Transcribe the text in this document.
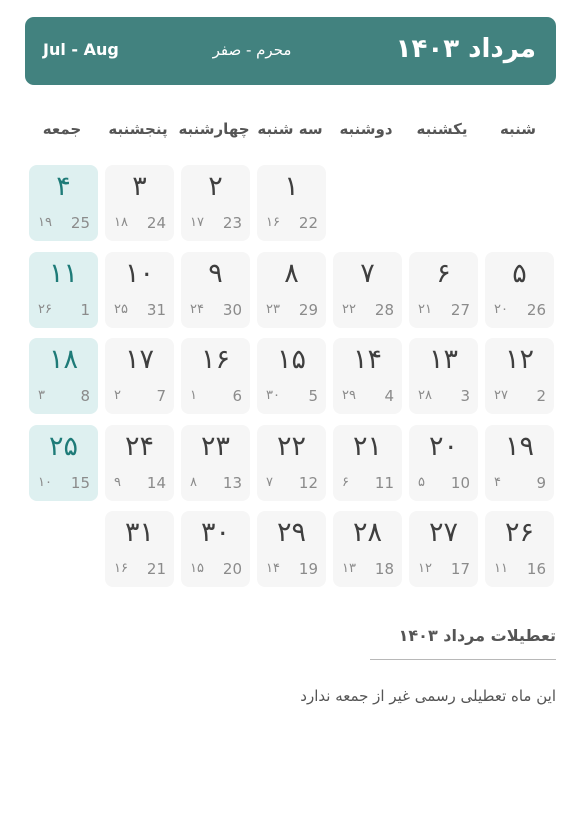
مرداد ۱۴۰۳
محرم - صفر
Jul - Aug
شنبه
یکشنبه
دوشنبه
سه شنبه
چهارشنبه
پنجشنبه
جمعه
۱
22
۱۶
۲
23
۱۷
۳
24
۱۸
۴
25
۱۹
۵
26
۲۰
۶
27
۲۱
۷
28
۲۲
۸
29
۲۳
۹
30
۲۴
۱۰
31
۲۵
۱۱
1
۲۶
۱۲
2
۲۷
۱۳
3
۲۸
۱۴
4
۲۹
۱۵
5
۳۰
۱۶
6
۱
۱۷
7
۲
۱۸
8
۳
۱۹
9
۴
۲۰
10
۵
۲۱
11
۶
۲۲
12
۷
۲۳
13
۸
۲۴
14
۹
۲۵
15
۱۰
۲۶
16
۱۱
۲۷
17
۱۲
۲۸
18
۱۳
۲۹
19
۱۴
۳۰
20
۱۵
۳۱
21
۱۶
تعطیلات مرداد ۱۴۰۳
این ماه تعطیلی رسمی غیر از جمعه ندارد
